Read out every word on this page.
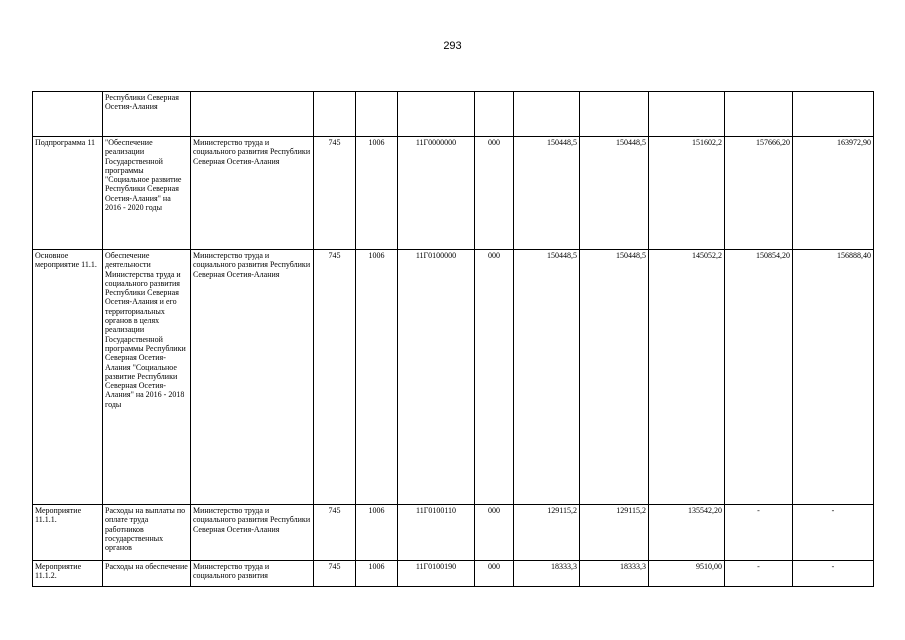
293
	Республики Северная Осетия-Алания										
Подпрограмма 11	"Обеспечение реализации Государственной программы "Социальное развитие Республики Северная Осетия-Алания" на 2016 - 2020 годы	Министерство труда и социального развития Республики Северная Осетия-Алания	745	1006	11Г0000000	000	150448,5	150448,5	151602,2	157666,20	163972,90
Основное мероприятие 11.1.	Обеспечение деятельности Министерства труда и социального развития Республики Северная Осетия-Алания и его территориальных органов в целях реализации Государственной программы Республики Северная Осетия-Алания "Социальное развитие Республики Северная Осетия-Алания" на 2016 - 2018 годы	Министерство труда и социального развития Республики Северная Осетия-Алания	745	1006	11Г0100000	000	150448,5	150448,5	145052,2	150854,20	156888,40
Мероприятие 11.1.1.	Расходы на выплаты по оплате труда работников государственных органов	Министерство труда и социального развития Республики Северная Осетия-Алания	745	1006	11Г0100110	000	129115,2	129115,2	135542,20	-	-
Мероприятие 11.1.2.	Расходы на обеспечение	Министерство труда и социального развития	745	1006	11Г0100190	000	18333,3	18333,3	9510,00	-	-
